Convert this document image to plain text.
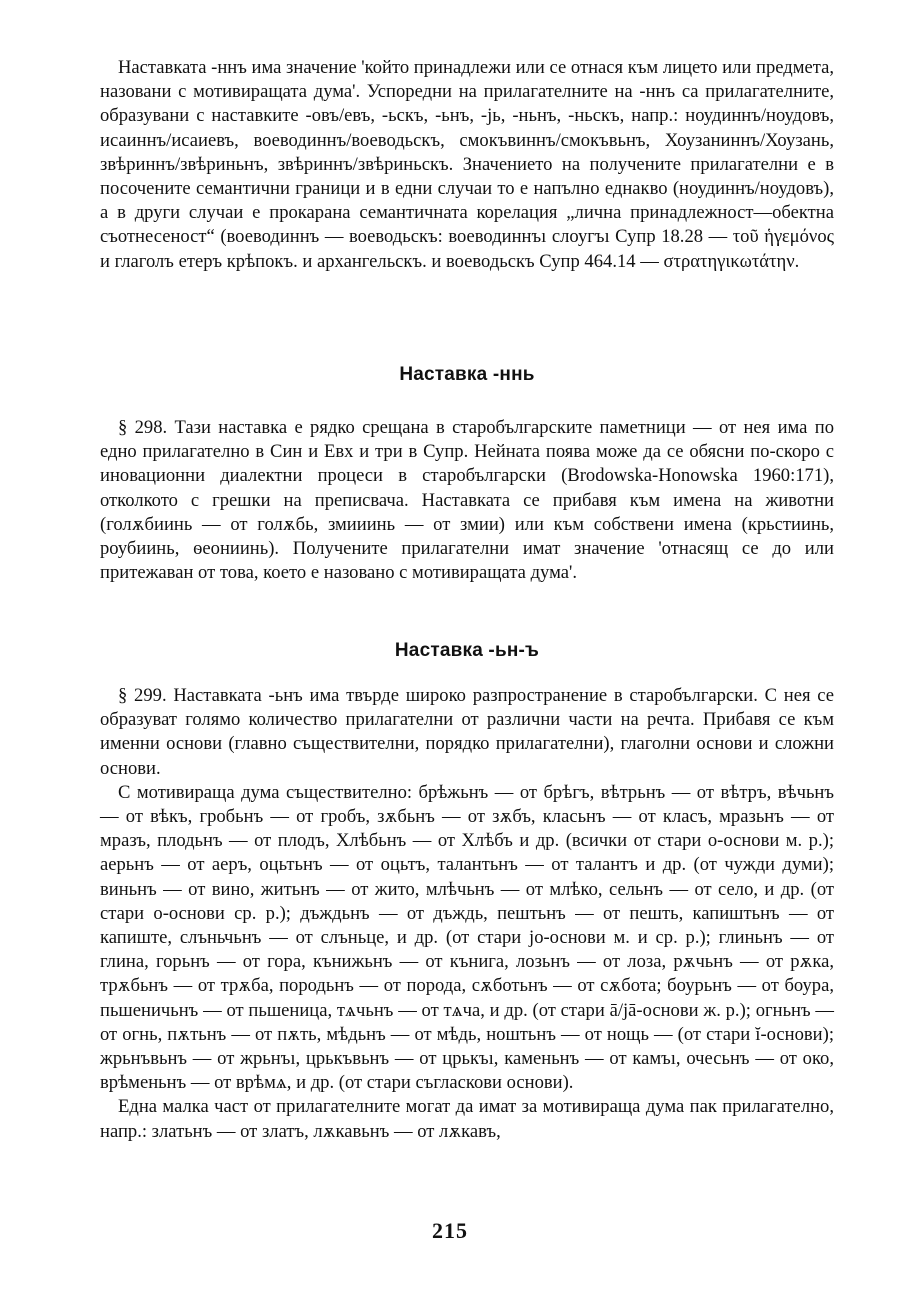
Наставката -ннъ има значение 'който принадлежи или се отнася към лицето или предмета, назовани с мотивиращата дума'. Успоредни на прилагателните на -ннъ са прилагателните, образувани с наставките -овъ/евъ, -ьскъ, -ьнъ, -jь, -ньнъ, -ньскъ, напр.: ноудиннъ/ноудовъ, исаиннъ/исаиевъ, воеводиннъ/воеводьскъ, смокъвиннъ/смокъвьнъ, Хоузаниннъ/Хоузань, звѣриннъ/звѣриньнъ, звѣриннъ/звѣриньскъ. Значението на получените прилагателни е в посочените семантични граници и в едни случаи то е напълно еднакво (ноудиннъ/ноудовъ), а в други случаи е прокарана семантичната корелация „лична принадлежност—обектна съотнесеност“ (воеводиннъ — воеводьскъ: воеводиннъı слоугъı Супр 18.28 — τοῦ ἡγεμόνος и глаголъ етеръ крѣпокъ. и архангельскъ. и воеводьскъ Супр 464.14 — στρατηγικωτάτην.

Наставка -ннь

§ 298. Тази наставка е рядко срещана в старобългарските паметници — от нея има по едно прилагателно в Син и Евх и три в Супр. Нейната поява може да се обясни по-скоро с иновационни диалектни процеси в старобългарски (Brodowska-Honowska 1960:171), отколкото с грешки на преписвача. Наставката се прибавя към имена на животни (голѫбиинь — от голѫбь, змииинь — от змии) или към собствени имена (крьстиинь, роубиинь, ѳеониинь). Получените прилагателни имат значение 'отнасящ се до или притежаван от това, което е назовано с мотивиращата дума'.

Наставка -ьн-ъ

§ 299. Наставката -ьнъ има твърде широко разпространение в старобългарски. С нея се образуват голямо количество прилагателни от различни части на речта. Прибавя се към именни основи (главно съществителни, порядко прилагателни), глаголни основи и сложни основи.

С мотивираща дума съществително: брѣжьнъ — от брѣгъ, вѣтрьнъ — от вѣтръ, вѣчьнъ — от вѣкъ, гробьнъ — от гробъ, зѫбьнъ — от зѫбъ, класьнъ — от класъ, мразьнъ — от мразъ, плодьнъ — от плодъ, Хлѣбьнъ — от Хлѣбъ и др. (всички от стари o-основи м. р.); аерьнъ — от аеръ, оцьтьнъ — от оцьтъ, талантьнъ — от талантъ и др. (от чужди думи); виньнъ — от вино, житьнъ — от жито, млѣчьнъ — от млѣко, сельнъ — от село, и др. (от стари o-основи ср. р.); дъждьнъ — от дъждь, пештьнъ — от пешть, капиштьнъ — от капиште, слъньчьнъ — от слъньце, и др. (от стари jo-основи м. и ср. р.); глиньнъ — от глина, горьнъ — от гора, кънижьнъ — от кънига, лозьнъ — от лоза, рѫчьнъ — от рѫка, трѫбьнъ — от трѫба, породьнъ — от порода, сѫботьнъ — от сѫбота; боурьнъ — от боура, пьшеничьнъ — от пьшеница, тѧчьнъ — от тѧча, и др. (от стари ā/jā-основи ж. р.); огньнъ — от огнь, пѫтьнъ — от пѫть, мѣдьнъ — от мѣдь, ноштьнъ — от нощь — (от стари ĭ-основи); жрьнъвьнъ — от жрьнъı, црькъвьнъ — от црькъı, каменьнъ — от камъı, очесьнъ — от око, врѣменьнъ — от врѣмѧ, и др. (от стари съгласкови основи).

Една малка част от прилагателните могат да имат за мотивираща дума пак прилагателно, напр.: златьнъ — от златъ, лѫкавьнъ — от лѫкавъ,

215
